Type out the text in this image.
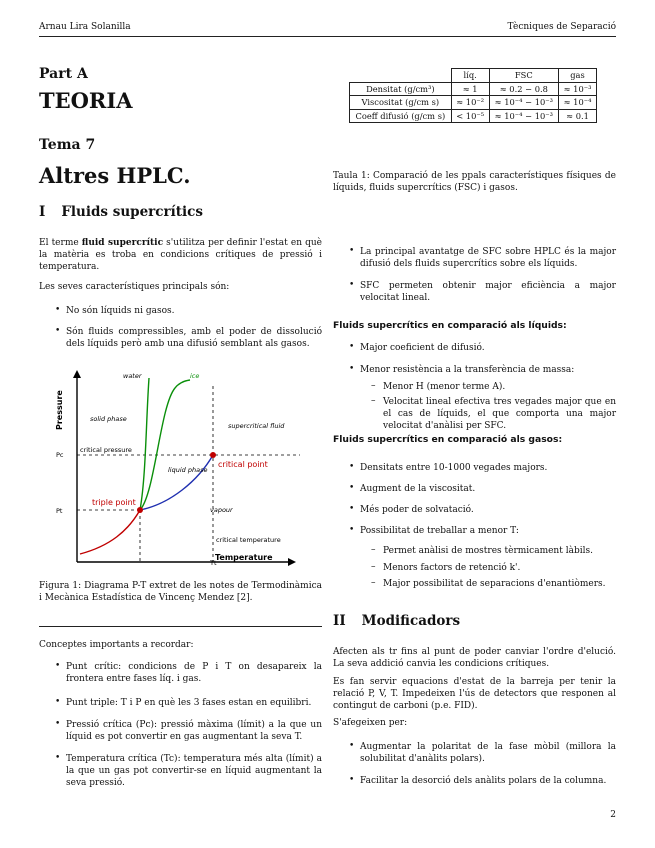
Arnau Lira Solanilla	Tècniques de Separació
Part A
TEORIA
Tema 7
Altres HPLC.
I Fluids supercrítics

El terme fluid supercrític s'utilitza per definir l'estat en què la matèria es troba en condicions crítiques de pressió i temperatura.

Les seves característiques principals són:
• No són líquids ni gasos.
• Són fluids compressibles, amb el poder de dissolució dels líquids però amb una difusió semblant als gasos.
Pressure
Temperature
water	ice
solid phase
supercritical fluid
critical pressure
Pc
Pt
triple point
critical point
liquid phase
vapour
critical temperature
Tt

Figura 1: Diagrama P-T extret de les notes de Termodinàmica i Mecànica Estadística de Vincenç Mendez [2].

Conceptes importants a recordar:
• Punt crític: condicions de P i T on desapareix la frontera entre fases líq. i gas.
• Punt triple: T i P en què les 3 fases estan en equilibri.
• Pressió crítica (Pc): pressió màxima (límit) a la que un líquid es pot convertir en gas augmentant la seva T.
• Temperatura crítica (Tc): temperatura més alta (límit) a la que un gas pot convertir-se en líquid augmentant la seva pressió.
	líq.	FSC	gas
Densitat (g/cm³)	≈ 1	≈ 0.2 − 0.8	≈ 10⁻³
Viscositat (g/cm s)	≈ 10⁻²	≈ 10⁻⁴ − 10⁻³	≈ 10⁻⁴
Coeff difusió (g/cm s)	< 10⁻⁵	≈ 10⁻⁴ − 10⁻³	≈ 0.1

Taula 1: Comparació de les ppals característiques físiques de líquids, fluids supercrítics (FSC) i gasos.

• La principal avantatge de SFC sobre HPLC és la major difusió dels fluids supercrítics sobre els líquids.
• SFC permeten obtenir major eficiència a major velocitat lineal.
Fluids supercrítics en comparació als líquids:
• Major coeficient de difusió.
• Menor resistència a la transferència de massa:
– Menor H (menor terme A).
– Velocitat lineal efectiva tres vegades major que en el cas de líquids, el que comporta una major velocitat d'anàlisi per SFC.
Fluids supercrítics en comparació als gasos:
• Densitats entre 10-1000 vegades majors.
• Augment de la viscositat.
• Més poder de solvatació.
• Possibilitat de treballar a menor T:
– Permet anàlisi de mostres tèrmicament làbils.
– Menors factors de retenció k'.
– Major possibilitat de separacions d'enantiòmers.
II Modificadors

Afecten als tr fins al punt de poder canviar l'ordre d'elució. La seva addició canvia les condicions crítiques.

Es fan servir equacions d'estat de la barreja per tenir la relació P, V, T. Impedeixen l'ús de detectors que responen al contingut de carboni (p.e. FID).

S'afegeixen per:
• Augmentar la polaritat de la fase mòbil (millora la solubilitat d'anàlits polars).
• Facilitar la desorció dels anàlits polars de la columna.
2
